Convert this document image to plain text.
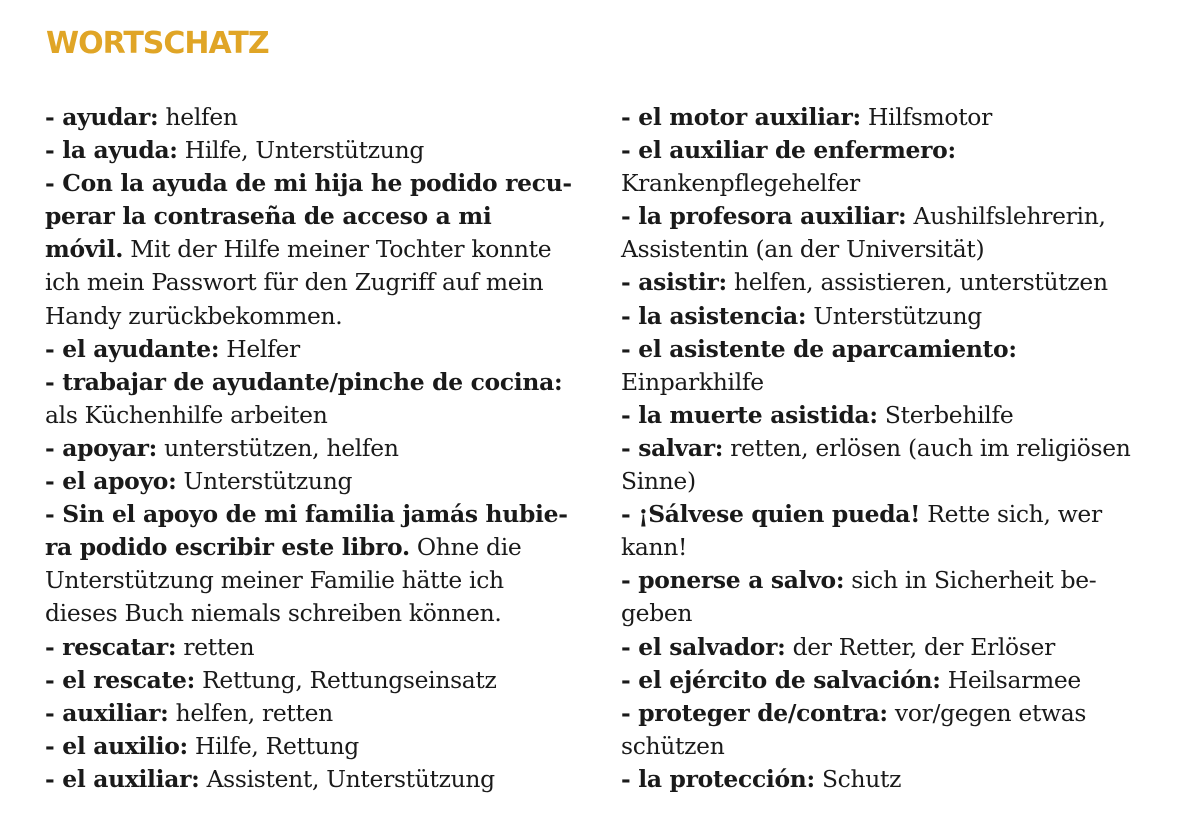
WORTSCHATZ
- ayudar: helfen
- la ayuda: Hilfe, Unterstützung
- Con la ayuda de mi hija he podido recu-
perar la contraseña de acceso a mi
móvil. Mit der Hilfe meiner Tochter konnte
ich mein Passwort für den Zugriff auf mein
Handy zurückbekommen.
- el ayudante: Helfer
- trabajar de ayudante/pinche de cocina:
als Küchenhilfe arbeiten
- apoyar: unterstützen, helfen
- el apoyo: Unterstützung
- Sin el apoyo de mi familia jamás hubie-
ra podido escribir este libro. Ohne die
Unterstützung meiner Familie hätte ich
dieses Buch niemals schreiben können.
- rescatar: retten
- el rescate: Rettung, Rettungseinsatz
- auxiliar: helfen, retten
- el auxilio: Hilfe, Rettung
- el auxiliar: Assistent, Unterstützung
- el motor auxiliar: Hilfsmotor
- el auxiliar de enfermero:
Krankenpflegehelfer
- la profesora auxiliar: Aushilfslehrerin,
Assistentin (an der Universität)
- asistir: helfen, assistieren, unterstützen
- la asistencia: Unterstützung
- el asistente de aparcamiento:
Einparkhilfe
- la muerte asistida: Sterbehilfe
- salvar: retten, erlösen (auch im religiösen
Sinne)
- ¡Sálvese quien pueda! Rette sich, wer
kann!
- ponerse a salvo: sich in Sicherheit be-
geben
- el salvador: der Retter, der Erlöser
- el ejército de salvación: Heilsarmee
- proteger de/contra: vor/gegen etwas
schützen
- la protección: Schutz
